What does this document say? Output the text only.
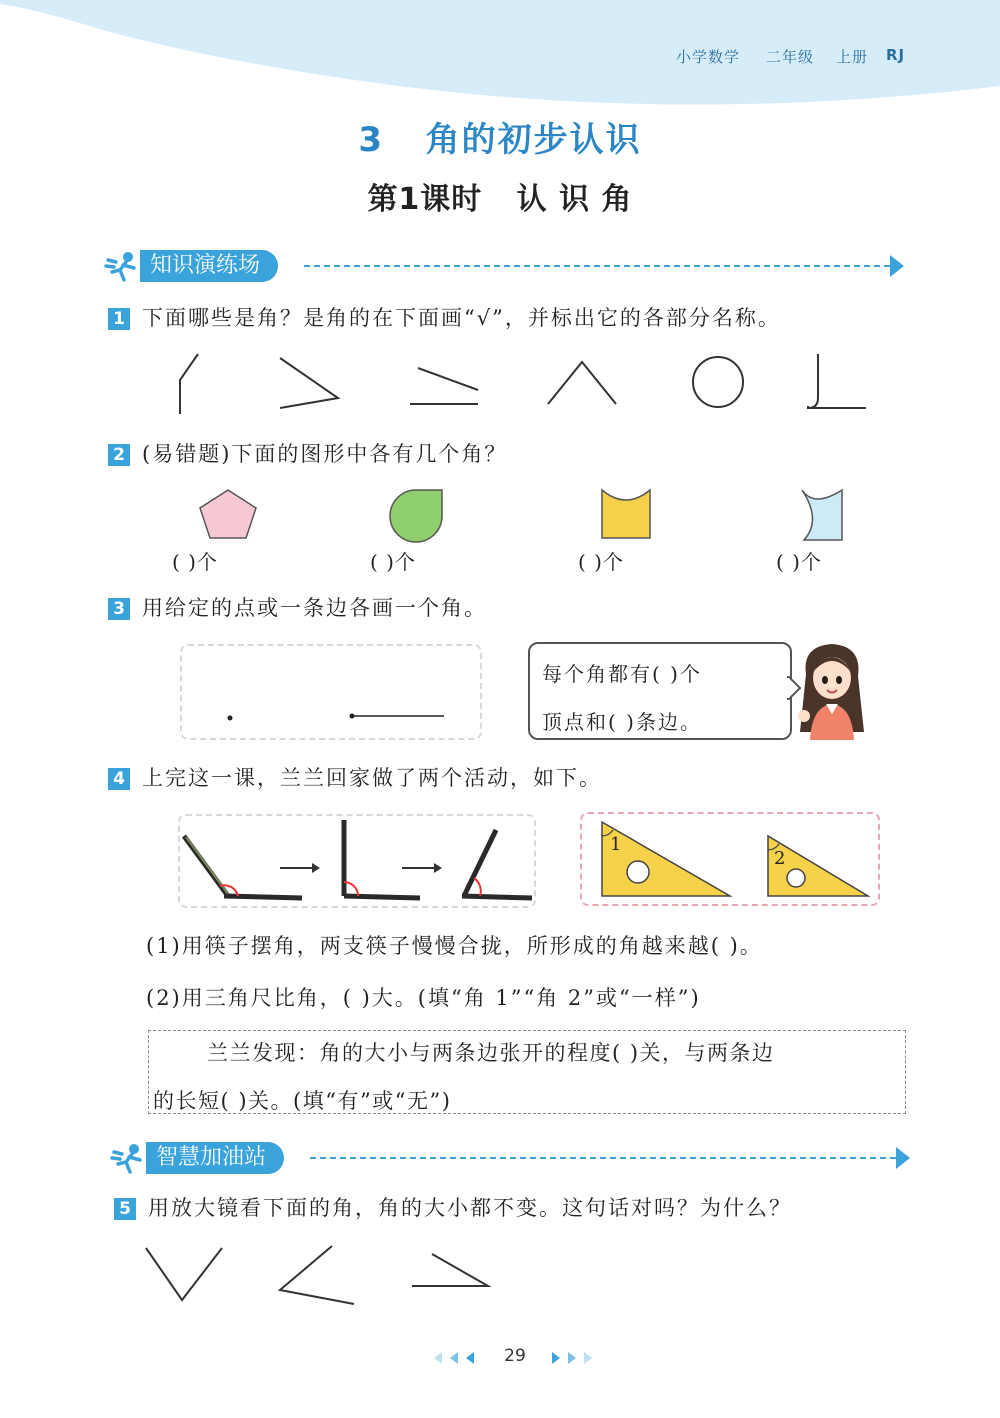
小学数学 二年级 上册 RJ
3 角的初步认识
第1课时 认 识 角
知识演练场
1 下面哪些是角？是角的在下面画“√”，并标出它的各部分名称。
2 (易错题)下面的图形中各有几个角？
( )个	( )个	( )个	( )个
3 用给定的点或一条边各画一个角。
每个角都有( )个
顶点和( )条边。
4 上完这一课，兰兰回家做了两个活动，如下。
1
2
(1)用筷子摆角，两支筷子慢慢合拢，所形成的角越来越( )。
(2)用三角尺比角，( )大。(填“角 1”“角 2”或“一样”)
兰兰发现：角的大小与两条边张开的程度( )关，与两条边
的长短( )关。(填“有”或“无”)
智慧加油站
5 用放大镜看下面的角，角的大小都不变。这句话对吗？为什么？
29
